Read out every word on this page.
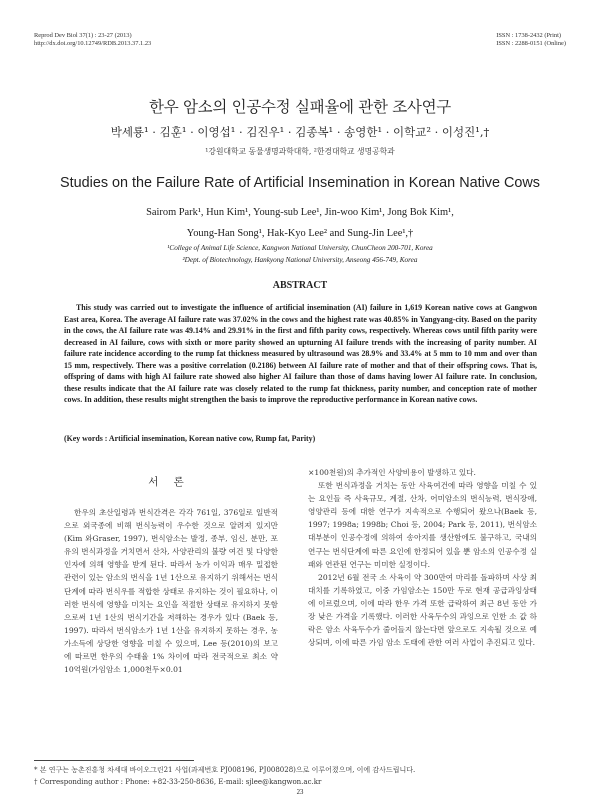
Reprod Dev Biol 37(1) : 23-27 (2013)
http://dx.doi.org/10.12749/RDB.2013.37.1.23
ISSN : 1738-2432 (Print)
ISSN : 2288-0151 (Online)
한우 암소의 인공수정 실패율에 관한 조사연구
박세룡¹ · 김훈¹ · 이영섭¹ · 김진우¹ · 김종복¹ · 송영한¹ · 이학교² · 이성진¹,†
¹강원대학교 동물생명과학대학, ²한경대학교 생명공학과
Studies on the Failure Rate of Artificial Insemination in Korean Native Cows
Sairom Park¹, Hun Kim¹, Young-sub Lee¹, Jin-woo Kim¹, Jong Bok Kim¹,
Young-Han Song¹, Hak-Kyo Lee² and Sung-Jin Lee¹,†
¹College of Animal Life Science, Kangwon National University, ChunCheon 200-701, Korea
²Dept. of Biotechnology, Hankyong National University, Anseong 456-749, Korea
ABSTRACT

This study was carried out to investigate the influence of artificial insemination (AI) failure in 1,619 Korean native cows at Gangwon East area, Korea. The average AI failure rate was 37.02% in the cows and the highest rate was 40.85% in Yangyang-city. Based on the parity in the cows, the AI failure rate was 49.14% and 29.91% in the first and fifth parity cows, respectively. Whereas cows until fifth parity were decreased in AI failure, cows with sixth or more parity showed an upturning AI failure trends with the increasing of parity number. AI failure rate incidence according to the rump fat thickness measured by ultrasound was 28.9% and 33.4% at 5 mm to 10 mm and over than 15 mm, respectively. There was a positive correlation (0.2186) between AI failure rate of mother and that of their offspring cows. That is, offspring of dams with high AI failure rate showed also higher AI failure than those of dams having lower AI failure rate. In conclusion, these results indicate that the AI failure rate was closely related to the rump fat thickness, parity number, and conception rate of mother cows. In addition, these results might strengthen the basis to improve the reproductive performance in Korean native cows.

(Key words : Artificial insemination, Korean native cow, Rump fat, Parity)
서 론

한우의 초산일령과 번식간격은 각각 761일, 376일로 일반적으로 외국종에 비해 번식능력이 우수한 것으로 알려져 있지만 (Kim 와Graser, 1997), 번식암소는 발정, 종부, 임신, 분만, 포유의 번식과정을 거치면서 산차, 사양관리의 불량 여건 및 다양한 인자에 의해 영향을 받게 된다. 따라서 농가 이익과 매우 밀접한 관련이 있는 암소의 번식을 1년 1산으로 유지하기 위해서는 번식단계에 따라 번식우를 적합한 상태로 유지하는 것이 필요하나, 이러한 번식에 영향을 미치는 요인을 적절한 상태로 유지하지 못함으로써 1년 1산의 번식기간을 저해하는 경우가 있다 (Baek 등, 1997). 따라서 번식암소가 1년 1산을 유지하지 못하는 경우, 농가소득에 상당한 영향을 미칠 수 있으며, Lee 등(2010)의 보고에 따르면 한우의 수태율 1% 차이에 따라 전국적으로 최소 약 10억원(가임암소 1,000천두×0.01

×100천원)의 추가적인 사양비용이 발생하고 있다.

또한 번식과정을 거치는 동안 사육여건에 따라 영향을 미칠 수 있는 요인들 즉 사육규모, 계절, 산차, 어미암소의 번식능력, 번식장애, 영양관리 등에 대한 연구가 지속적으로 수행되어 왔으나(Baek 등, 1997; 1998a; 1998b; Choi 등, 2004; Park 등, 2011), 번식암소 대부분이 인공수정에 의하여 송아지를 생산함에도 불구하고, 국내의 연구는 번식단계에 따른 요인에 한정되어 있을 뿐 암소의 인공수정 실패와 연관된 연구는 미미한 실정이다.

2012년 6월 전국 소 사육이 약 300만여 마리를 돌파하며 사상 최대치를 기록하였고, 이중 가임암소는 150만 두로 현재 공급과잉상태에 이르렀으며, 이에 따라 한우 가격 또한 급락하여 최근 8년 동안 가장 낮은 가격을 기록했다. 이러한 사육두수의 과잉으로 인한 소 값 하락은 암소 사육두수가 줄어들지 않는다면 앞으로도 지속될 것으로 예상되며, 이에 따른 가임 암소 도태에 관한 여러 사업이 추진되고 있다.

* 본 연구는 농촌진흥청 차세대 바이오그린21 사업(과제번호 PJ008196, PJ008028)으로 이루어졌으며, 이에 감사드립니다.
† Corresponding author : Phone: +82-33-250-8636, E-mail: sjlee@kangwon.ac.kr
23
